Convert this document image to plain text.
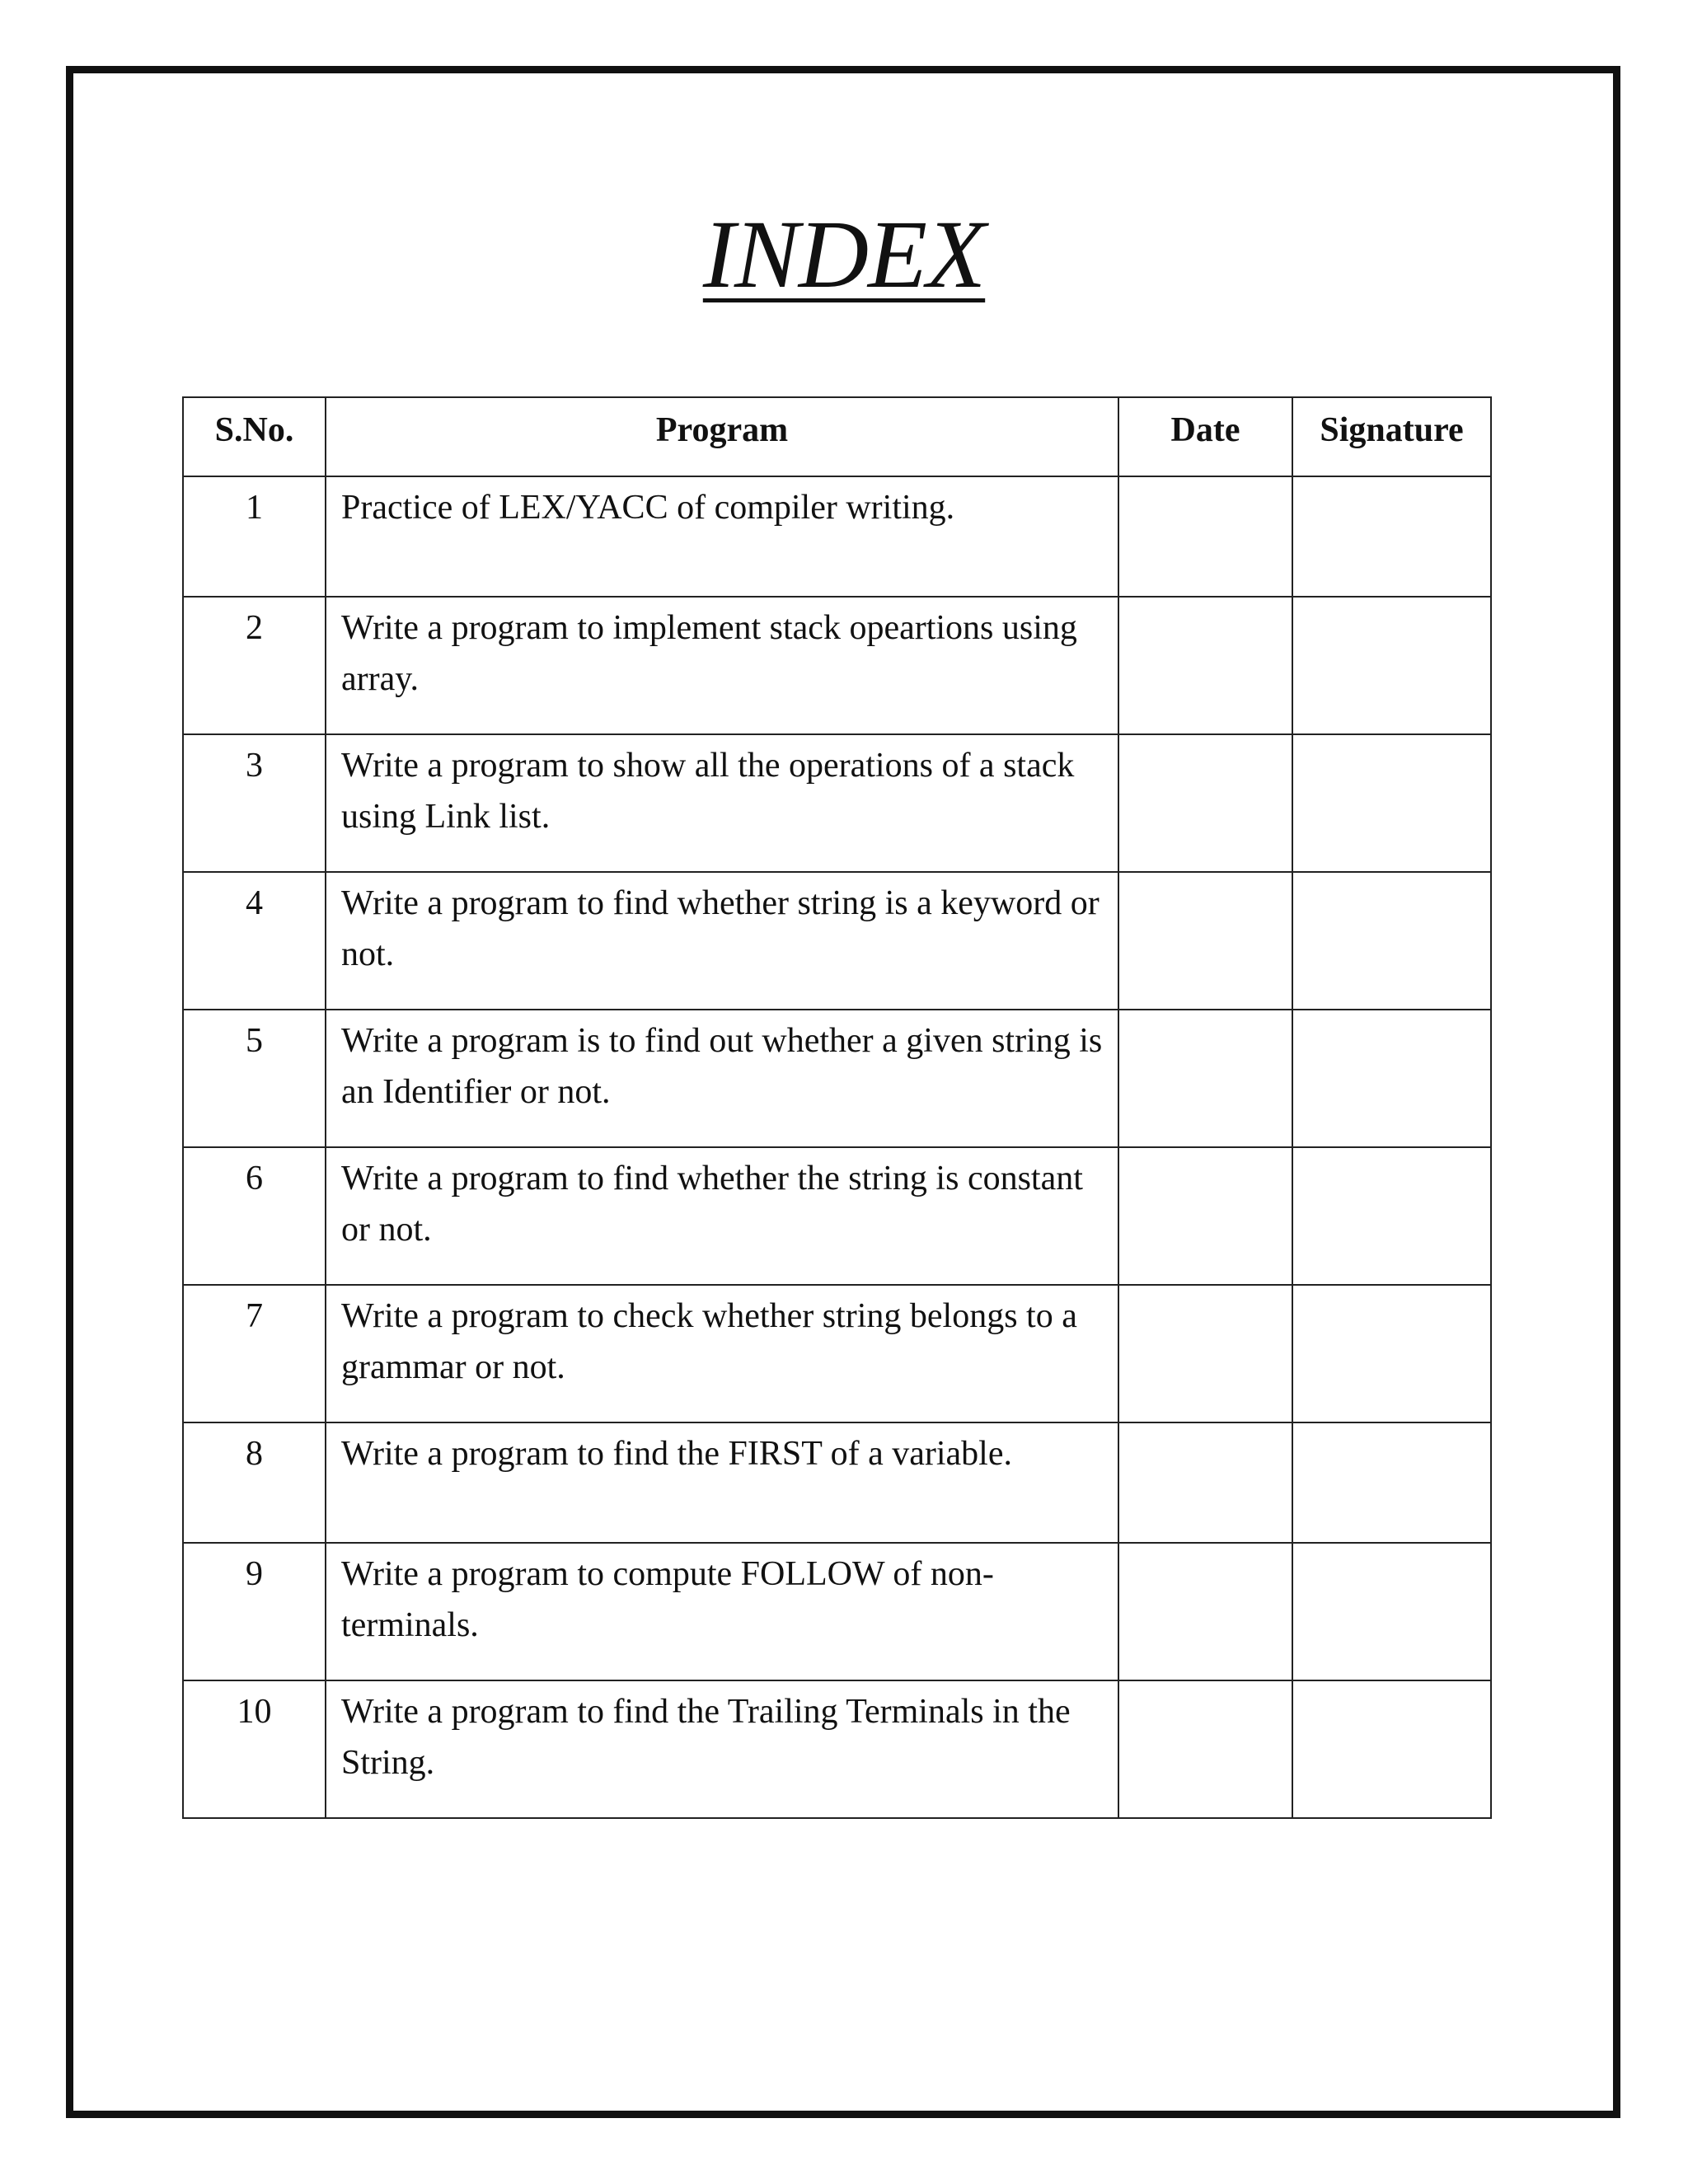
INDEX
S.No.	Program	Date	Signature
1	Practice of LEX/YACC of compiler writing.		
2	Write a program to implement stack opeartions using array.		
3	Write a program to show all the operations of a stack using Link list.		
4	Write a program to find whether string is a keyword or not.		
5	Write a program is to find out whether a given string is an Identifier or not.		
6	Write a program to find whether the string is constant or not.		
7	Write a program to check whether string belongs to a grammar or not.		
8	Write a program to find the FIRST of a variable.		
9	Write a program to compute FOLLOW of non-terminals.		
10	Write a program to find the Trailing Terminals in the String.		
